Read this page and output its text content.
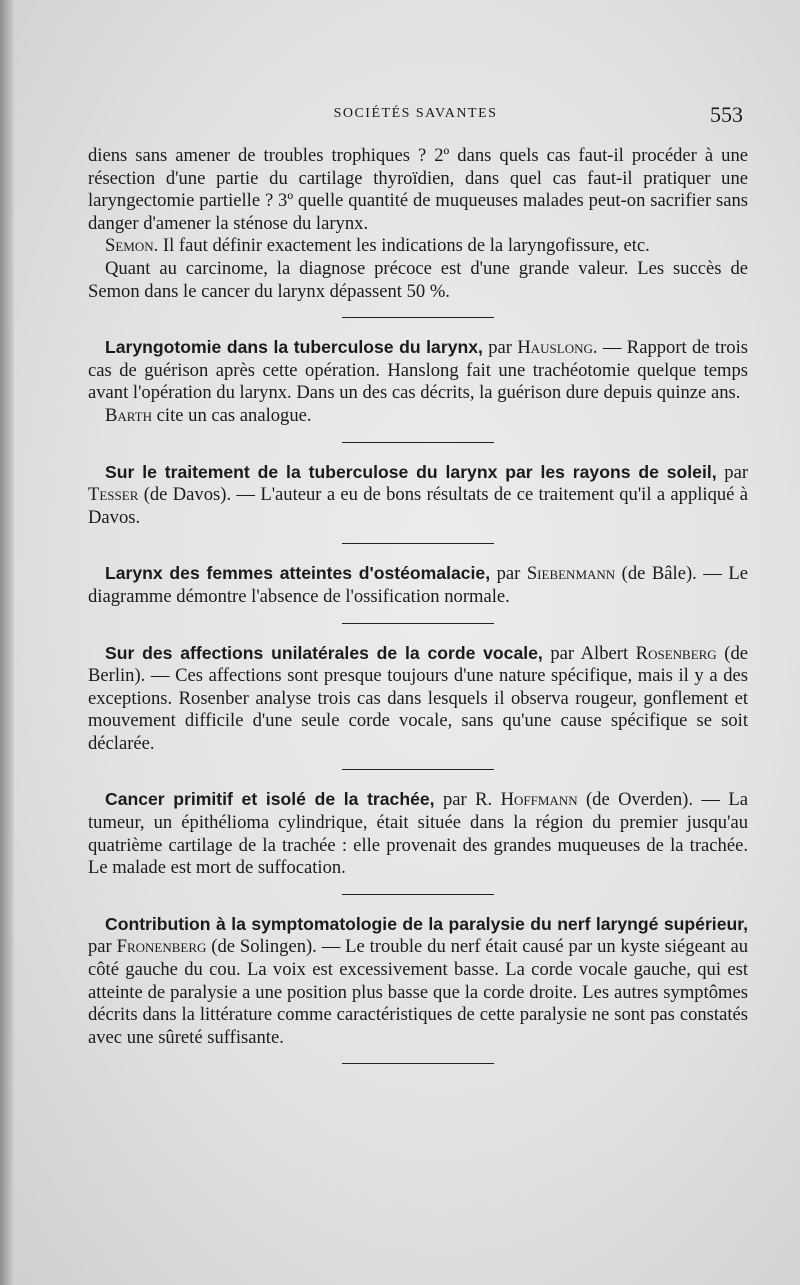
SOCIÉTÉS SAVANTES	553

diens sans amener de troubles trophiques ? 2º dans quels cas faut-il procéder à une résection d'une partie du cartilage thyroïdien, dans quel cas faut-il pratiquer une laryngectomie partielle ? 3º quelle quantité de muqueuses malades peut-on sacrifier sans danger d'amener la sténose du larynx.

Semon. Il faut définir exactement les indications de la laryngofissure, etc.

Quant au carcinome, la diagnose précoce est d'une grande valeur. Les succès de Semon dans le cancer du larynx dépassent 50 %.

Laryngotomie dans la tuberculose du larynx, par Hauslong. — Rapport de trois cas de guérison après cette opération. Hanslong fait une trachéotomie quelque temps avant l'opération du larynx. Dans un des cas décrits, la guérison dure depuis quinze ans.

Barth cite un cas analogue.

Sur le traitement de la tuberculose du larynx par les rayons de soleil, par Tesser (de Davos). — L'auteur a eu de bons résultats de ce traitement qu'il a appliqué à Davos.

Larynx des femmes atteintes d'ostéomalacie, par Siebenmann (de Bâle). — Le diagramme démontre l'absence de l'ossification normale.

Sur des affections unilatérales de la corde vocale, par Albert Rosenberg (de Berlin). — Ces affections sont presque toujours d'une nature spécifique, mais il y a des exceptions. Rosenber analyse trois cas dans lesquels il observa rougeur, gonflement et mouvement difficile d'une seule corde vocale, sans qu'une cause spécifique se soit déclarée.

Cancer primitif et isolé de la trachée, par R. Hoffmann (de Overden). — La tumeur, un épithélioma cylindrique, était située dans la région du premier jusqu'au quatrième cartilage de la trachée : elle provenait des grandes muqueuses de la trachée. Le malade est mort de suffocation.

Contribution à la symptomatologie de la paralysie du nerf laryngé supérieur, par Fronenberg (de Solingen). — Le trouble du nerf était causé par un kyste siégeant au côté gauche du cou. La voix est excessivement basse. La corde vocale gauche, qui est atteinte de paralysie a une position plus basse que la corde droite. Les autres symptômes décrits dans la littérature comme caractéristiques de cette paralysie ne sont pas constatés avec une sûreté suffisante.
